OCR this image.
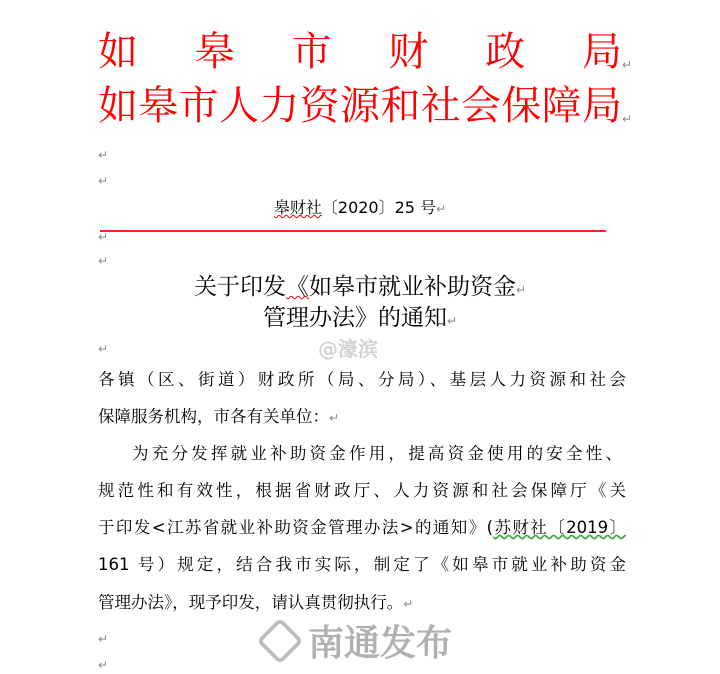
如皋市财政局 ↵
如皋市人力资源和社会保障局 ↵
↵
↵
皋财社〔2020〕25 号↵
↵
↵
关于印发《如皋市就业补助资金↵
管理办法》的通知↵
@濠滨
↵
各镇（区、街道）财政所（局、分局）、基层人力资源和社会
保障服务机构，市各有关单位：↵
为充分发挥就业补助资金作用，提高资金使用的安全性、
规范性和有效性，根据省财政厅、人力资源和社会保障厅《关
于印发<江苏省就业补助资金管理办法>的通知》(苏财社〔2019〕
161 号）规定，结合我市实际，制定了《如皋市就业补助资金
管理办法》，现予印发，请认真贯彻执行。↵
↵
↵
南通发布
